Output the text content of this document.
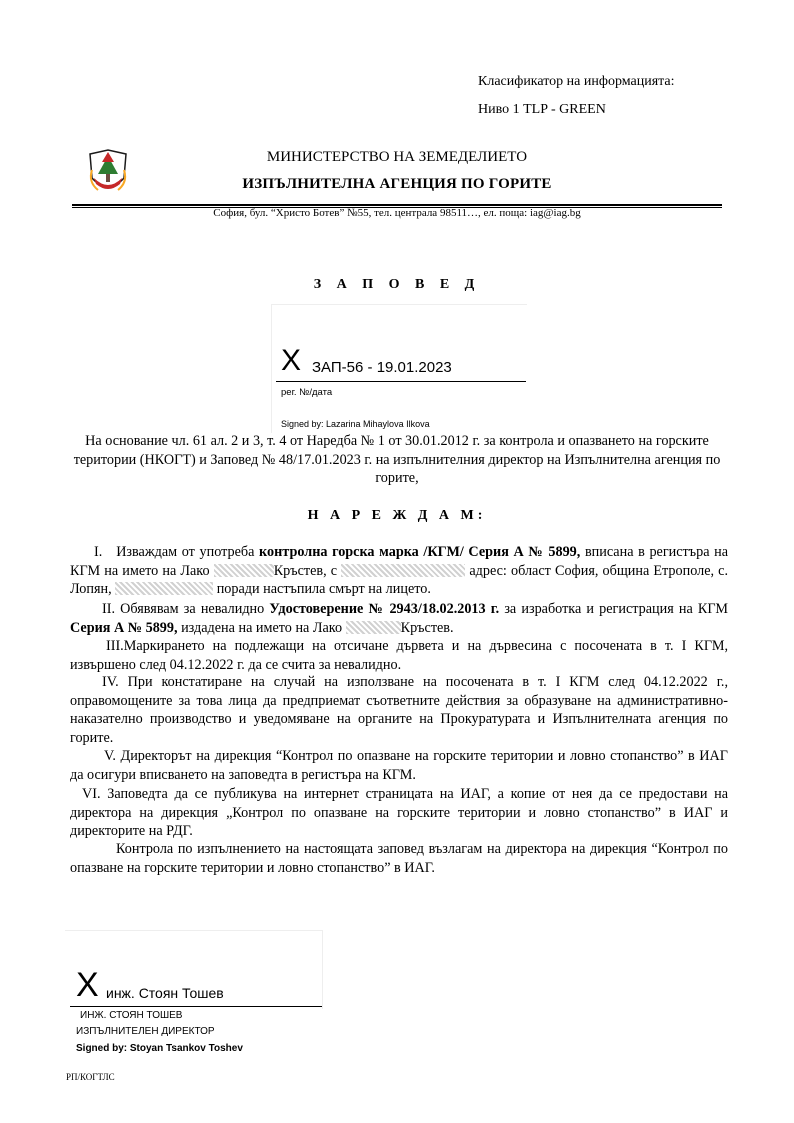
Класификатор на информацията:
Ниво 1 TLP - GREEN
МИНИСТЕРСТВО НА ЗЕМЕДЕЛИЕТО
ИЗПЪЛНИТЕЛНА АГЕНЦИЯ ПО ГОРИТЕ
София, бул. “Христо Ботев” №55, тел. централа 98511…, ел. поща: iag@iag.bg
З А П О В Е Д
X ЗАП-56 - 19.01.2023
рег. №/дата
Signed by: Lazarina Mihaylova Ilkova
На основание чл. 61 ал. 2 и 3, т. 4 от Наредба № 1 от 30.01.2012 г. за контрола и опазването на горските територии (НКОГТ) и Заповед № 48/17.01.2023 г. на изпълнителния директор на Изпълнителна агенция по горите,
Н А Р Е Ж Д А М:
I. Изваждам от употреба контролна горска марка /КГМ/ Серия А № 5899, вписана в регистъра на КГМ на името на Лако	Кръстев, с	адрес: област София, община Етрополе, с. Лопян,	поради настъпила смърт на лицето.
II. Обявявам за невалидно Удостоверение № 2943/18.02.2013 г. за изработка и регистрация на КГМ Серия А № 5899, издадена на името на Лако	Кръстев.
III.Маркирането на подлежащи на отсичане дървета и на дървесина с посочената в т. I КГМ, извършено след 04.12.2022 г. да се счита за невалидно.
IV. При констатиране на случай на използване на посочената в т. I КГМ след 04.12.2022 г., оправомощените за това лица да предприемат съответните действия за образуване на административно-наказателно производство и уведомяване на органите на Прокуратурата и Изпълнителната агенция по горите.
V. Директорът на дирекция “Контрол по опазване на горските територии и ловно стопанство” в ИАГ да осигури вписването на заповедта в регистъра на КГМ.
VI. Заповедта да се публикува на интернет страницата на ИАГ, а копие от нея да се предостави на директора на дирекция „Контрол по опазване на горските територии и ловно стопанство” в ИАГ и директорите на РДГ.
Контрола по изпълнението на настоящата заповед възлагам на директора на дирекция “Контрол по опазване на горските територии и ловно стопанство” в ИАГ.
X инж. Стоян Тошев
ИНЖ. СТОЯН ТОШЕВ
ИЗПЪЛНИТЕЛЕН ДИРЕКТОР
Signed by: Stoyan Tsankov Toshev
РП/КОГТЛС
